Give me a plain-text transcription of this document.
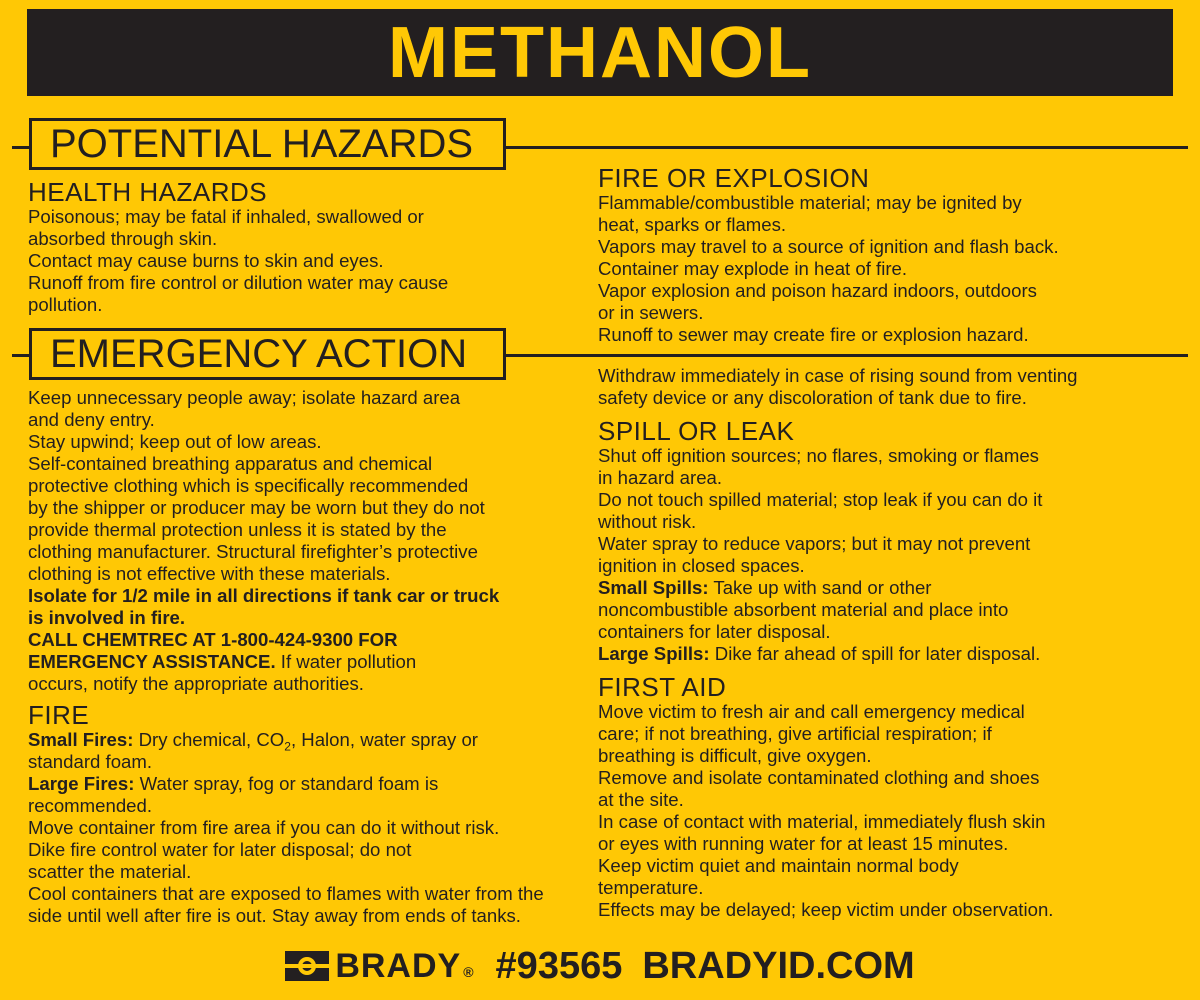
METHANOL
POTENTIAL HAZARDS
EMERGENCY ACTION

HEALTH HAZARDS

Poisonous; may be fatal if inhaled, swallowed or

absorbed through skin.

Contact may cause burns to skin and eyes.

Runoff from fire control or dilution water may cause

pollution.

FIRE OR EXPLOSION

Flammable/combustible material; may be ignited by

heat, sparks or flames.

Vapors may travel to a source of ignition and flash back.

Container may explode in heat of fire.

Vapor explosion and poison hazard indoors, outdoors

or in sewers.

Runoff to sewer may create fire or explosion hazard.

Keep unnecessary people away; isolate hazard area

and deny entry.

Stay upwind; keep out of low areas.

Self-contained breathing apparatus and chemical

protective clothing which is specifically recommended

by the shipper or producer may be worn but they do not

provide thermal protection unless it is stated by the

clothing manufacturer. Structural firefighter’s protective

clothing is not effective with these materials.

Isolate for 1/2 mile in all directions if tank car or truck

is involved in fire.

CALL CHEMTREC AT 1-800-424-9300 FOR

EMERGENCY ASSISTANCE. If water pollution

occurs, notify the appropriate authorities.

FIRE

Small Fires: Dry chemical, $CO_2$, Halon, water spray or

standard foam.

Large Fires: Water spray, fog or standard foam is

recommended.

Move container from fire area if you can do it without risk.

Dike fire control water for later disposal; do not

scatter the material.

Cool containers that are exposed to flames with water from the

side until well after fire is out. Stay away from ends of tanks.

Withdraw immediately in case of rising sound from venting

safety device or any discoloration of tank due to fire.

SPILL OR LEAK

Shut off ignition sources; no flares, smoking or flames

in hazard area.

Do not touch spilled material; stop leak if you can do it

without risk.

Water spray to reduce vapors; but it may not prevent

ignition in closed spaces.

Small Spills: Take up with sand or other

noncombustible absorbent material and place into

containers for later disposal.

Large Spills: Dike far ahead of spill for later disposal.

FIRST AID

Move victim to fresh air and call emergency medical

care; if not breathing, give artificial respiration; if

breathing is difficult, give oxygen.

Remove and isolate contaminated clothing and shoes

at the site.

In case of contact with material, immediately flush skin

or eyes with running water for at least 15 minutes.

Keep victim quiet and maintain normal body

temperature.

Effects may be delayed; keep victim under observation.

BRADY ® #93565 BRADYID.COM
